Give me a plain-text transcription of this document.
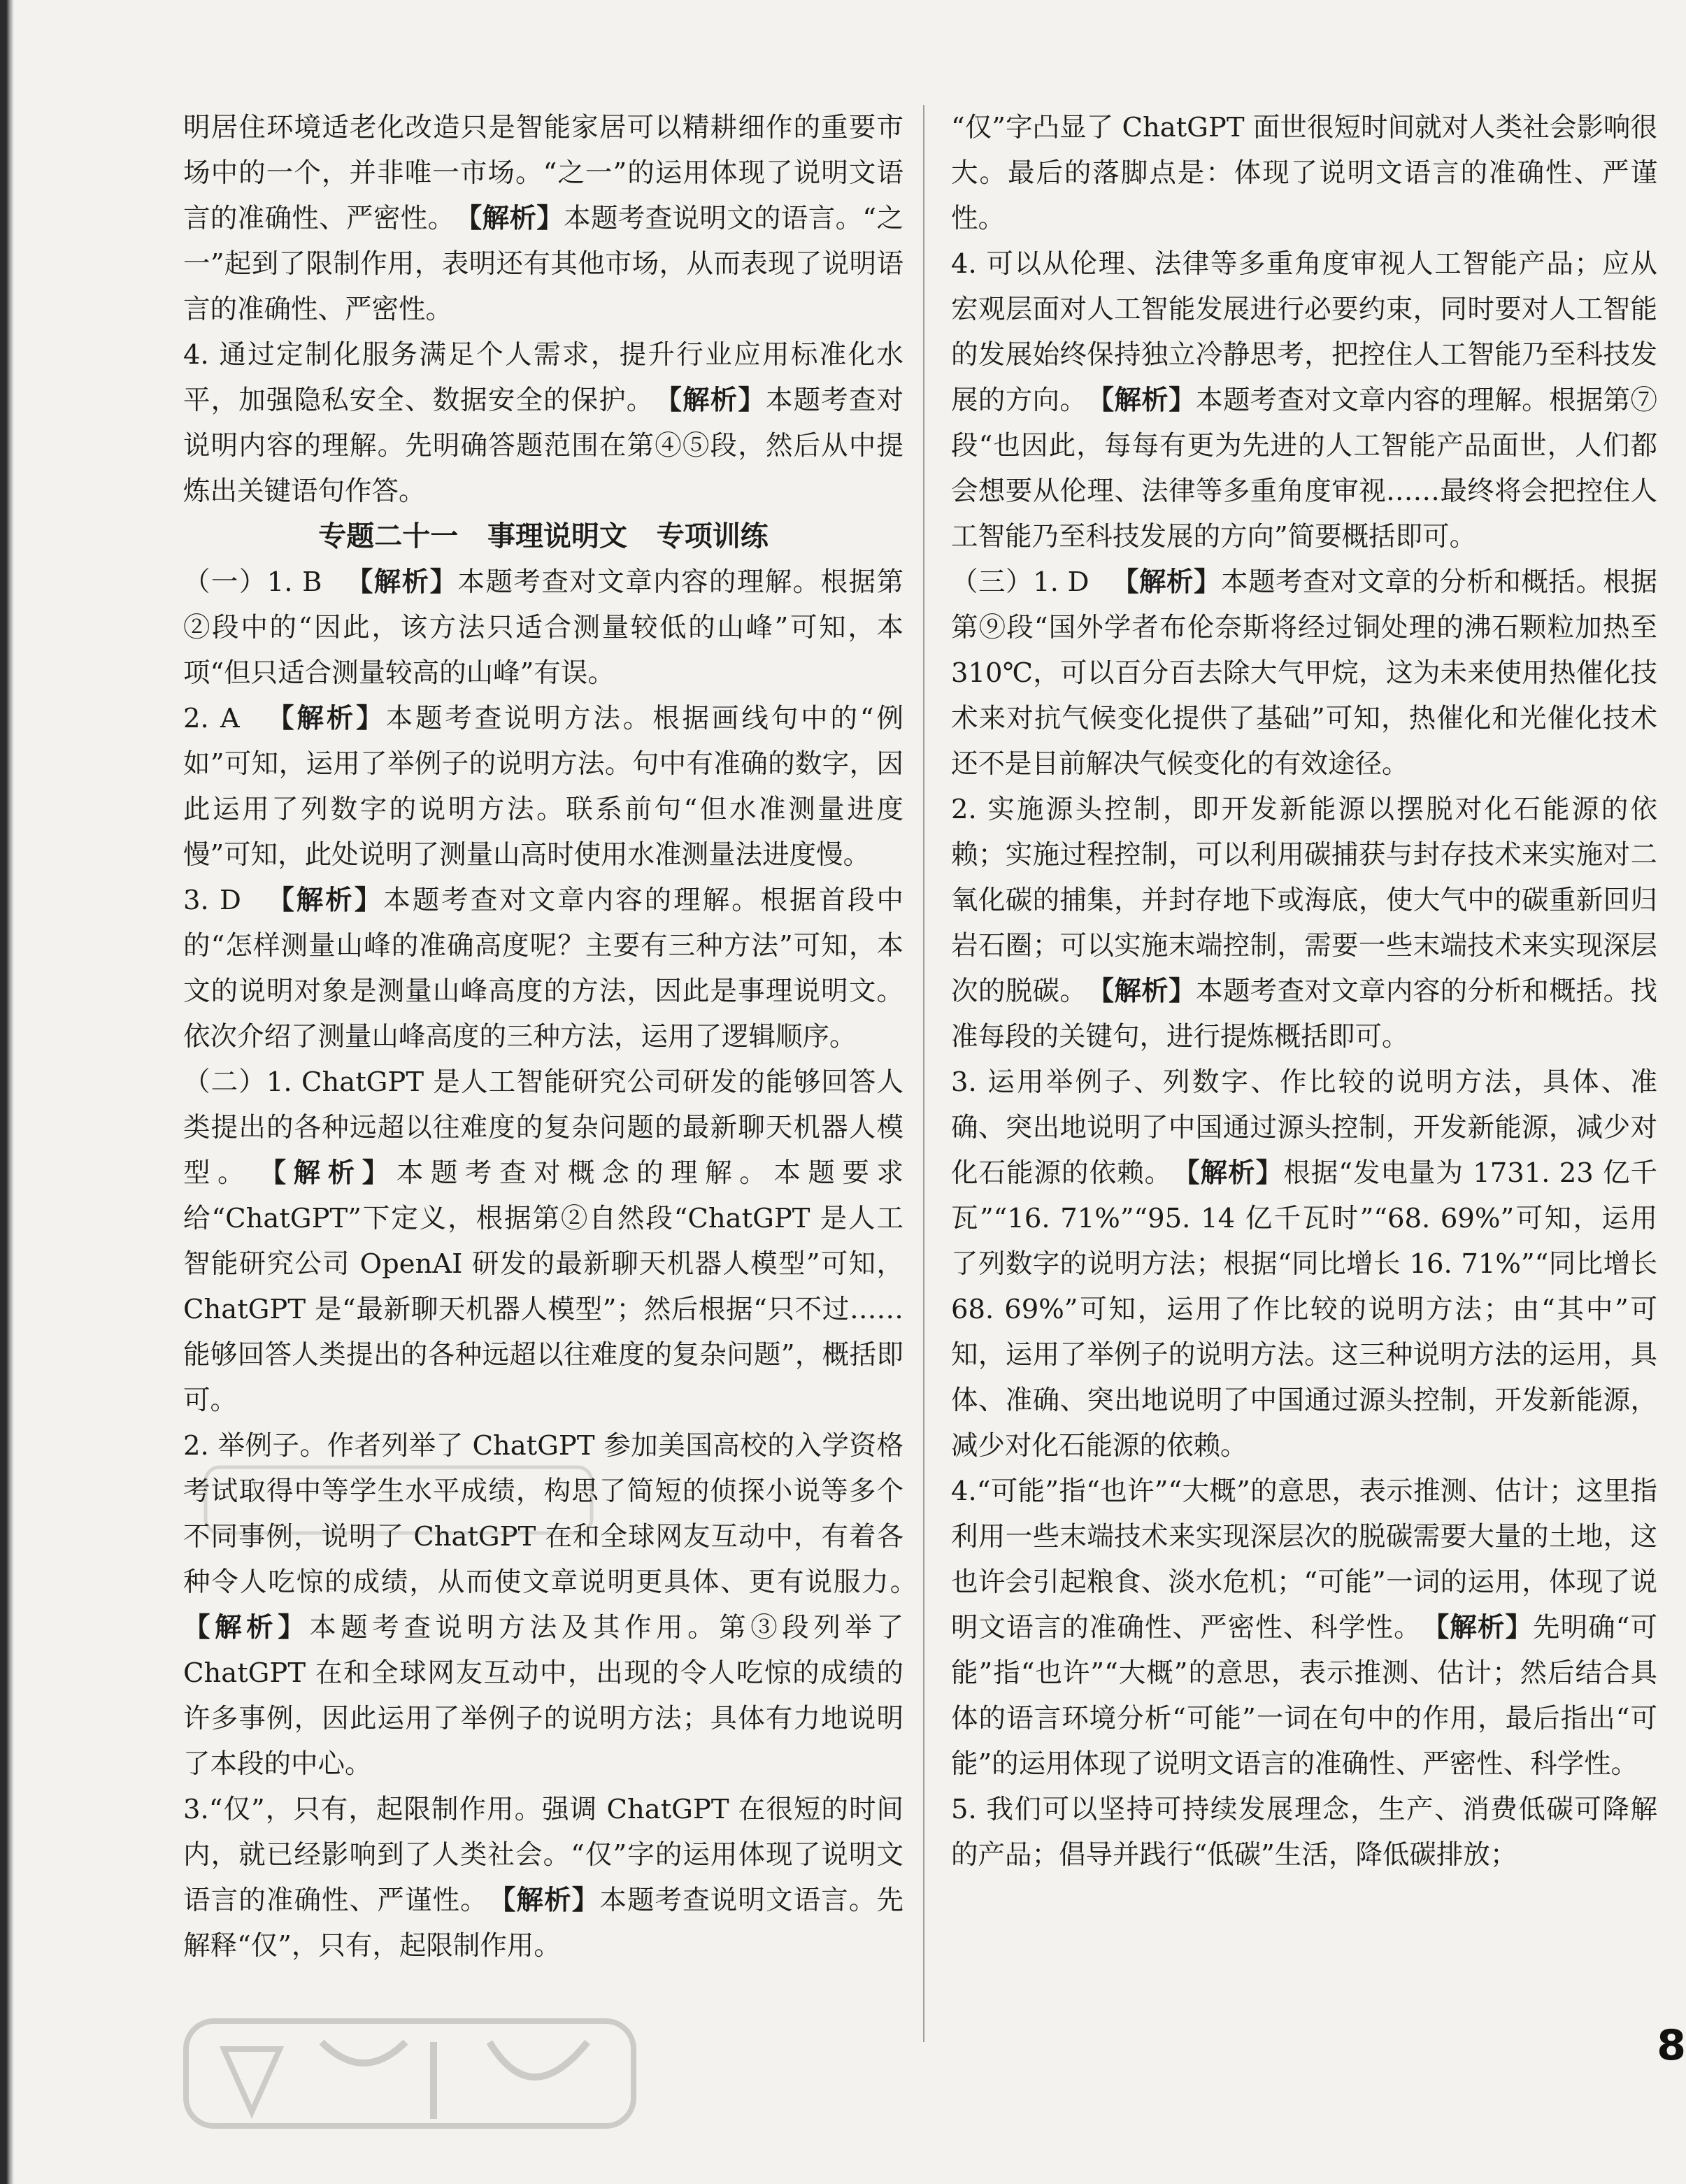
明居住环境适老化改造只是智能家居可以精耕细作的重要市场中的一个，并非唯一市场。“之一”的运用体现了说明文语言的准确性、严密性。　 【解析】本题考查说明文的语言。“之一”起到了限制作用，表明还有其他市场，从而表现了说明语言的准确性、严密性。

4. 通过定制化服务满足个人需求，提升行业应用标准化水平，加强隐私安全、数据安全的保护。　 【解析】本题考查对说明内容的理解。先明确答题范围在第④⑤段，然后从中提炼出关键语句作答。

专题二十一   事理说明文   专项训练

（一）1. B 　【解析】本题考查对文章内容的理解。根据第②段中的“因此，该方法只适合测量较低的山峰”可知，本项“但只适合测量较高的山峰”有误。

2. A 　【解析】本题考查说明方法。根据画线句中的“例如”可知，运用了举例子的说明方法。句中有准确的数字，因此运用了列数字的说明方法。联系前句“但水准测量进度慢”可知，此处说明了测量山高时使用水准测量法进度慢。

3. D 　【解析】本题考查对文章内容的理解。根据首段中的“怎样测量山峰的准确高度呢？主要有三种方法”可知，本文的说明对象是测量山峰高度的方法，因此是事理说明文。依次介绍了测量山峰高度的三种方法，运用了逻辑顺序。

（二）1. ChatGPT 是人工智能研究公司研发的能够回答人类提出的各种远超以往难度的复杂问题的最新聊天机器人模型。　 【解析】本题考查对概念的理解。本题要求给“ChatGPT”下定义，根据第②自然段“ChatGPT 是人工智能研究公司 OpenAI 研发的最新聊天机器人模型”可知，ChatGPT 是“最新聊天机器人模型”；然后根据“只不过……能够回答人类提出的各种远超以往难度的复杂问题”，概括即可。

2. 举例子。作者列举了 ChatGPT 参加美国高校的入学资格考试取得中等学生水平成绩，构思了简短的侦探小说等多个不同事例，说明了 ChatGPT 在和全球网友互动中，有着各种令人吃惊的成绩，从而使文章说明更具体、更有说服力。　【解析】本题考查说明方法及其作用。第③段列举了 ChatGPT 在和全球网友互动中，出现的令人吃惊的成绩的许多事例，因此运用了举例子的说明方法；具体有力地说明了本段的中心。

3.“仅”，只有，起限制作用。强调 ChatGPT 在很短的时间内，就已经影响到了人类社会。“仅”字的运用体现了说明文语言的准确性、严谨性。　 【解析】本题考查说明文语言。先解释“仅”，只有，起限制作用。

“仅”字凸显了 ChatGPT 面世很短时间就对人类社会影响很大。最后的落脚点是：体现了说明文语言的准确性、严谨性。

4. 可以从伦理、法律等多重角度审视人工智能产品；应从宏观层面对人工智能发展进行必要约束，同时要对人工智能的发展始终保持独立冷静思考，把控住人工智能乃至科技发展的方向。　 【解析】本题考查对文章内容的理解。根据第⑦段“也因此，每每有更为先进的人工智能产品面世，人们都会想要从伦理、法律等多重角度审视……最终将会把控住人工智能乃至科技发展的方向”简要概括即可。

（三）1. D 　【解析】本题考查对文章的分析和概括。根据第⑨段“国外学者布伦奈斯将经过铜处理的沸石颗粒加热至 310℃，可以百分百去除大气甲烷，这为未来使用热催化技术来对抗气候变化提供了基础”可知，热催化和光催化技术还不是目前解决气候变化的有效途径。

2. 实施源头控制，即开发新能源以摆脱对化石能源的依赖；实施过程控制，可以利用碳捕获与封存技术来实施对二氧化碳的捕集，并封存地下或海底，使大气中的碳重新回归岩石圈；可以实施末端控制，需要一些末端技术来实现深层次的脱碳。　 【解析】本题考查对文章内容的分析和概括。找准每段的关键句，进行提炼概括即可。

3. 运用举例子、列数字、作比较的说明方法，具体、准确、突出地说明了中国通过源头控制，开发新能源，减少对化石能源的依赖。　 【解析】根据“发电量为 1731. 23 亿千瓦”“16. 71%”“95. 14 亿千瓦时”“68. 69%”可知，运用了列数字的说明方法；根据“同比增长 16. 71%”“同比增长 68. 69%”可知，运用了作比较的说明方法；由“其中”可知，运用了举例子的说明方法。这三种说明方法的运用，具体、准确、突出地说明了中国通过源头控制，开发新能源，减少对化石能源的依赖。

4.“可能”指“也许”“大概”的意思，表示推测、估计；这里指利用一些末端技术来实现深层次的脱碳需要大量的土地，这也许会引起粮食、淡水危机；“可能”一词的运用，体现了说明文语言的准确性、严密性、科学性。　 【解析】先明确“可能”指“也许”“大概”的意思，表示推测、估计；然后结合具体的语言环境分析“可能”一词在句中的作用，最后指出“可能”的运用体现了说明文语言的准确性、严密性、科学性。

5. 我们可以坚持可持续发展理念，生产、消费低碳可降解的产品；倡导并践行“低碳”生活，降低碳排放；

8
